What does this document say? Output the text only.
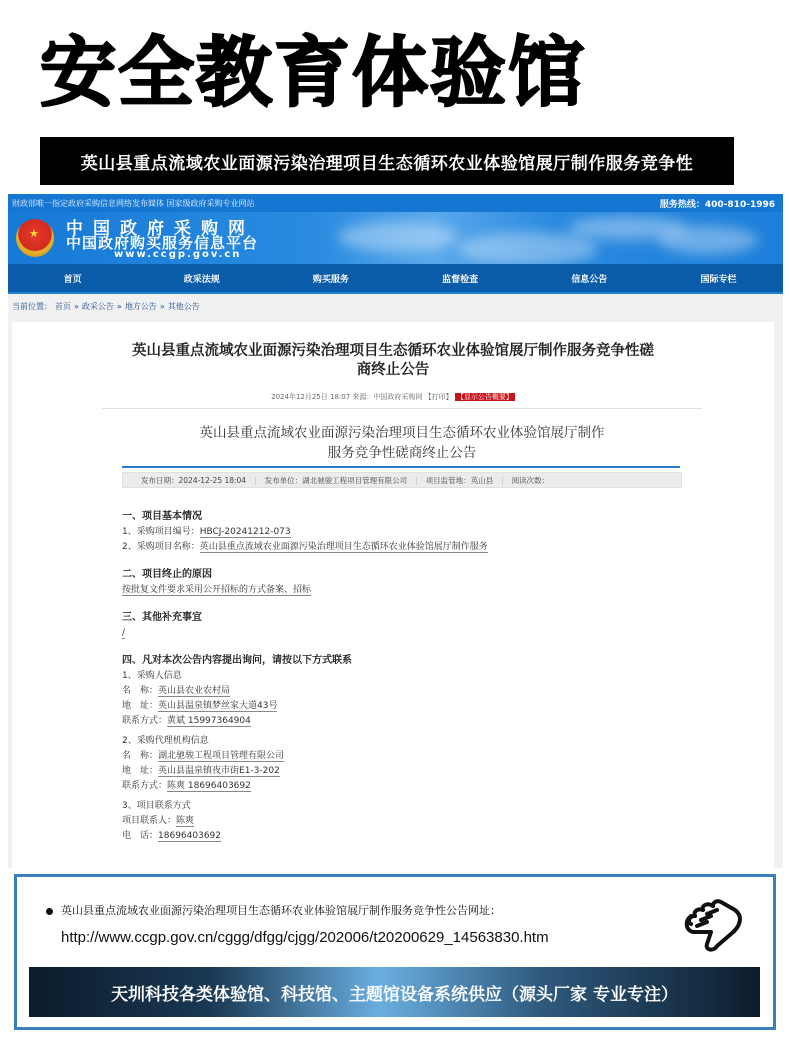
安全教育体验馆
英山县重点流域农业面源污染治理项目生态循环农业体验馆展厅制作服务竞争性
财政部唯一指定政府采购信息网络发布媒体 国家级政府采购专业网站	服务热线：400-810-1996
★ 中国政府采购网
中国政府购买服务信息平台
www.ccgp.gov.cn
首页	政采法规	购买服务	监督检查	信息公告	国际专栏
当前位置： 首页 » 政采公告 » 地方公告 » 其他公告
英山县重点流域农业面源污染治理项目生态循环农业体验馆展厅制作服务竞争性磋
商终止公告
2024年12月25日 18:07 来源：中国政府采购网 【打印】 【显示公告概要】
英山县重点流域农业面源污染治理项目生态循环农业体验馆展厅制作
服务竞争性磋商终止公告
发布日期：2024-12-25 18:04 | 发布单位：湖北驰骏工程项目管理有限公司 | 项目监管地：英山县 | 阅读次数：
一、项目基本情况
1、采购项目编号：HBCJ-20241212-073
2、采购项目名称：英山县重点流域农业面源污染治理项目生态循环农业体验馆展厅制作服务
二、项目终止的原因
按批复文件要求采用公开招标的方式备案、招标
三、其他补充事宜
/
四、凡对本次公告内容提出询问，请按以下方式联系
1、采购人信息
名　称：英山县农业农村局
地　址：英山县温泉镇梦丝家大道43号
联系方式：黄斌 15997364904
2、采购代理机构信息
名　称：湖北驰骏工程项目管理有限公司
地　址：英山县温泉镇夜市街E1-3-202
联系方式：陈爽 18696403692
3、项目联系方式
项目联系人：陈爽
电　话：18696403692
英山县重点流域农业面源污染治理项目生态循环农业体验馆展厅制作服务竞争性公告网址：
http://www.ccgp.gov.cn/cggg/dfgg/cjgg/202006/t20200629_14563830.htm
天圳科技各类体验馆、科技馆、主题馆设备系统供应（源头厂家 专业专注）
